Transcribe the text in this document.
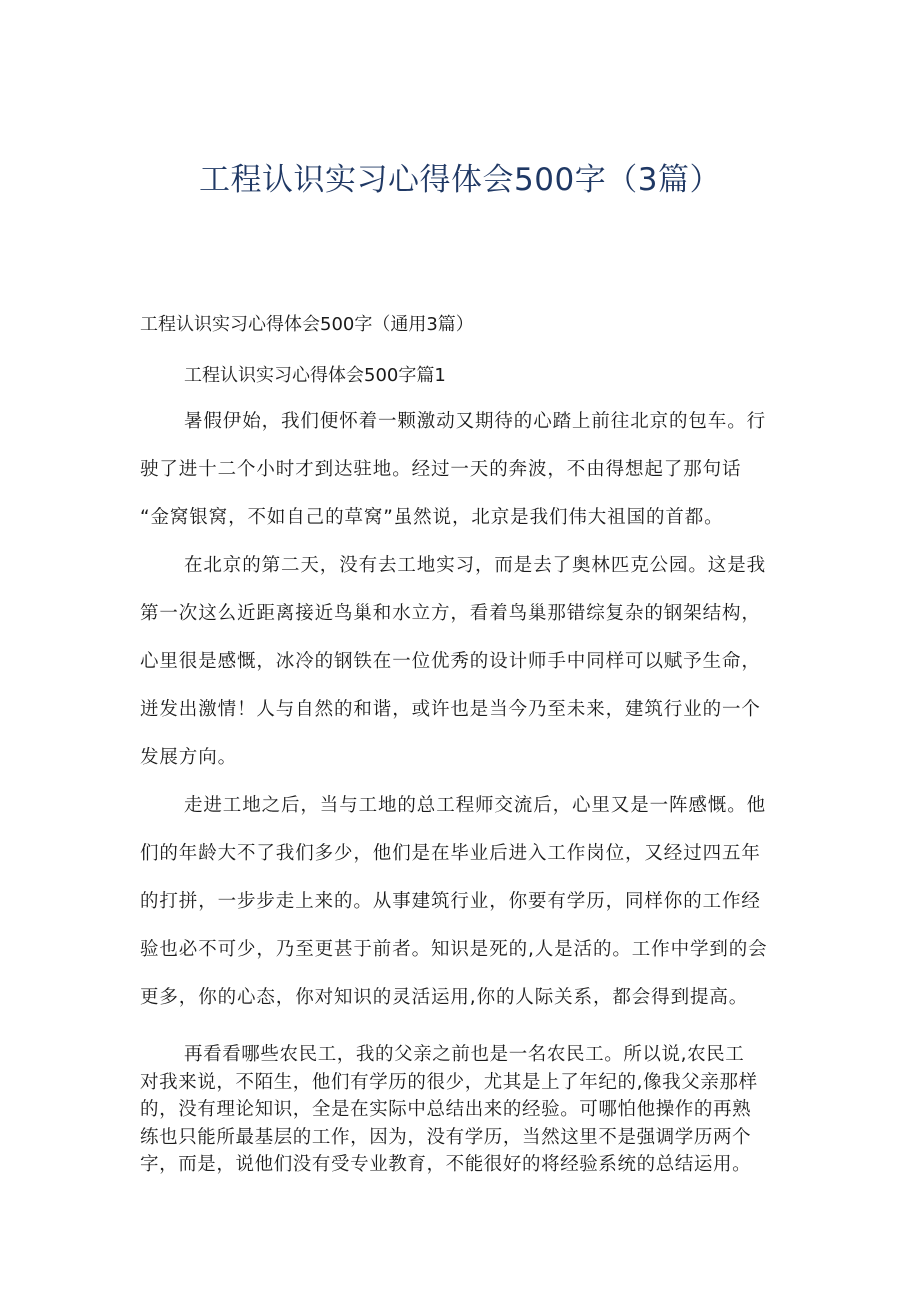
工程认识实习心得体会500字（3篇）

工程认识实习心得体会500字（通用3篇）

工程认识实习心得体会500字篇1

暑假伊始，我们便怀着一颗激动又期待的心踏上前往北京的包车。行
驶了进十二个小时才到达驻地。经过一天的奔波，不由得想起了那句话
“金窝银窝，不如自己的草窝”虽然说，北京是我们伟大祖国的首都。
在北京的第二天，没有去工地实习，而是去了奥林匹克公园。这是我
第一次这么近距离接近鸟巢和水立方，看着鸟巢那错综复杂的钢架结构，
心里很是感慨，冰冷的钢铁在一位优秀的设计师手中同样可以赋予生命，
迸发出激情！人与自然的和谐，或许也是当今乃至未来，建筑行业的一个
发展方向。
走进工地之后，当与工地的总工程师交流后，心里又是一阵感慨。他
们的年龄大不了我们多少，他们是在毕业后进入工作岗位，又经过四五年
的打拼，一步步走上来的。从事建筑行业，你要有学历，同样你的工作经
验也必不可少，乃至更甚于前者。知识是死的,人是活的。工作中学到的会
更多，你的心态，你对知识的灵活运用,你的人际关系，都会得到提高。
再看看哪些农民工，我的父亲之前也是一名农民工。所以说,农民工
对我来说，不陌生，他们有学历的很少，尤其是上了年纪的,像我父亲那样
的，没有理论知识，全是在实际中总结出来的经验。可哪怕他操作的再熟
练也只能所最基层的工作，因为，没有学历，当然这里不是强调学历两个
字，而是，说他们没有受专业教育，不能很好的将经验系统的总结运用。
